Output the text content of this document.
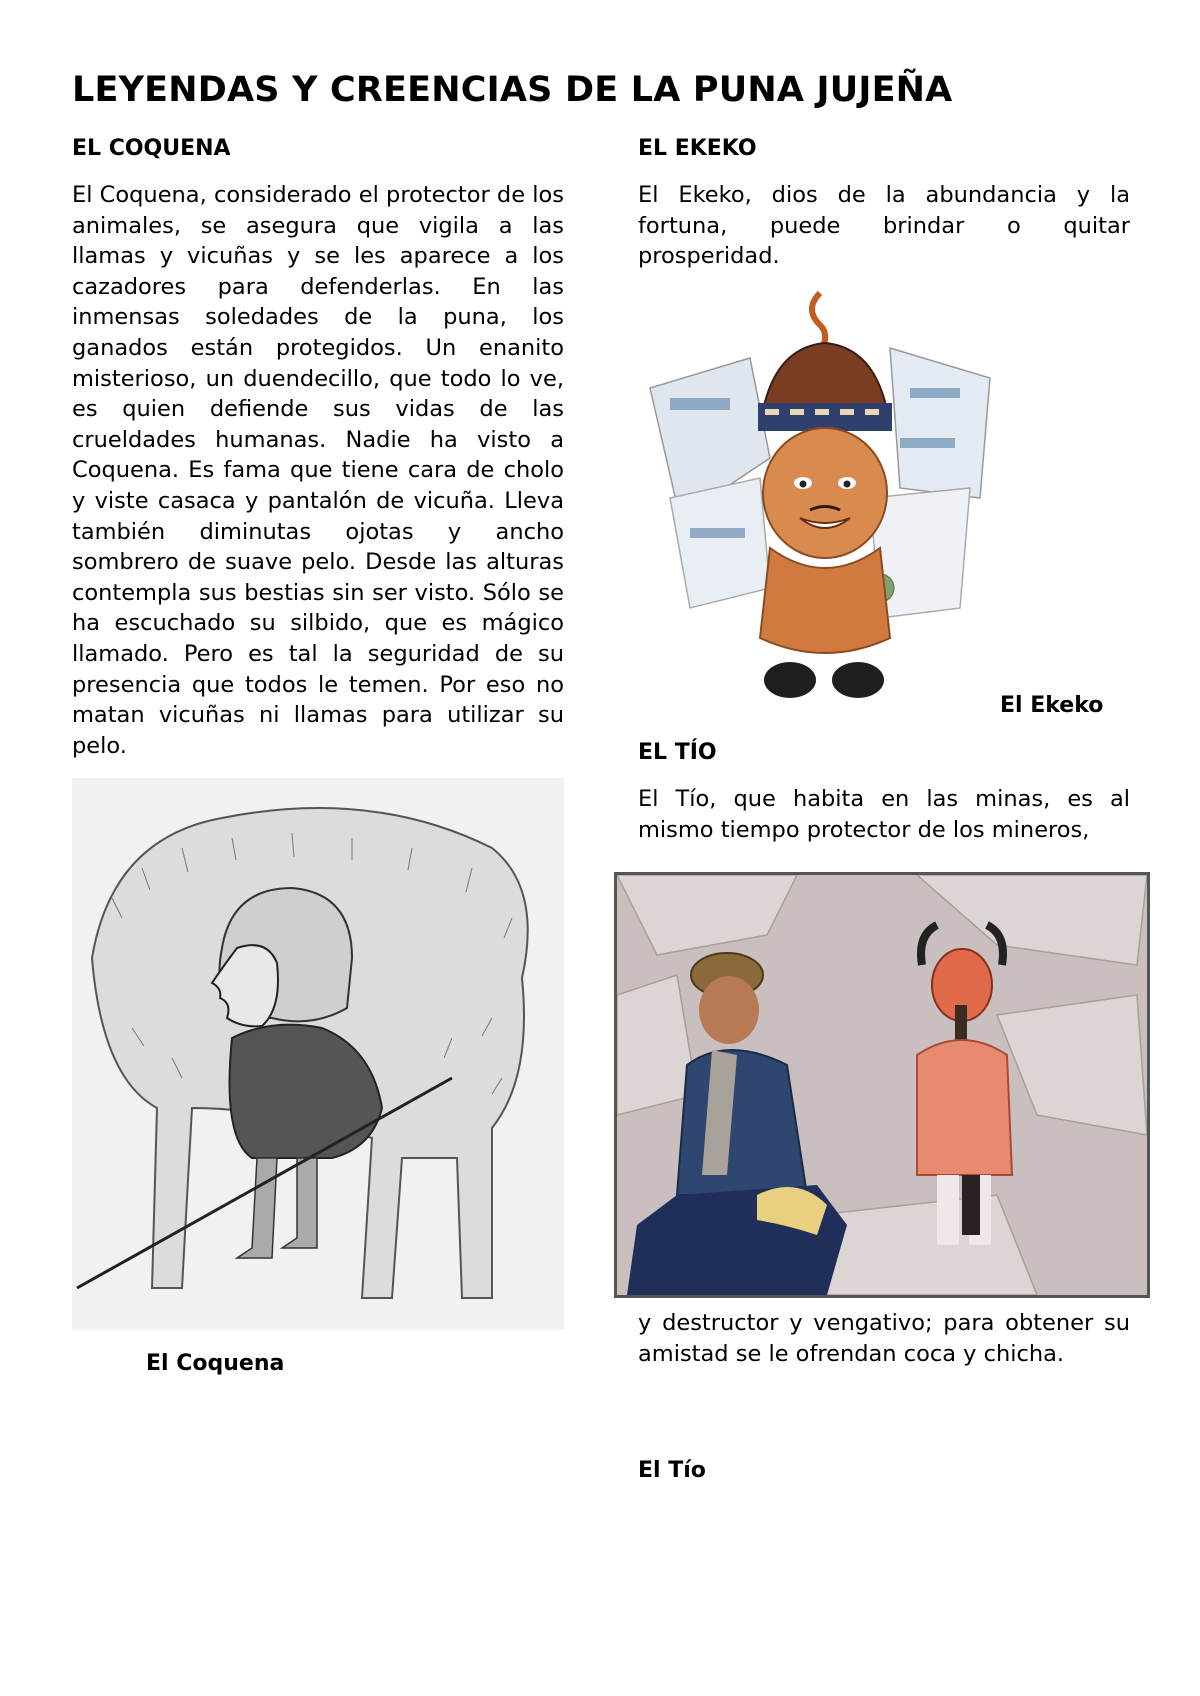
LEYENDAS Y CREENCIAS DE LA PUNA JUJEÑA
EL COQUENA

El Coquena, considerado el protector de los animales, se asegura que vigila a las llamas y vicuñas y se les aparece a los cazadores para defenderlas. En las inmensas soledades de la puna, los ganados están protegidos. Un enanito misterioso, un duendecillo, que todo lo ve, es quien defiende sus vidas de las crueldades humanas. Nadie ha visto a Coquena. Es fama que tiene cara de cholo y viste casaca y pantalón de vicuña. Lleva también diminutas ojotas y ancho sombrero de suave pelo. Desde las alturas contempla sus bestias sin ser visto. Sólo se ha escuchado su silbido, que es mágico llamado. Pero es tal la seguridad de su presencia que todos le temen. Por eso no matan vicuñas ni llamas para utilizar su pelo.

El Coquena

EL EKEKO

El Ekeko, dios de la abundancia y la fortuna, puede brindar o quitar prosperidad.

El Ekeko

EL TÍO

El Tío, que habita en las minas, es al mismo tiempo protector de los mineros,

y destructor y vengativo; para obtener su amistad se le ofrendan coca y chicha.

El Tío
